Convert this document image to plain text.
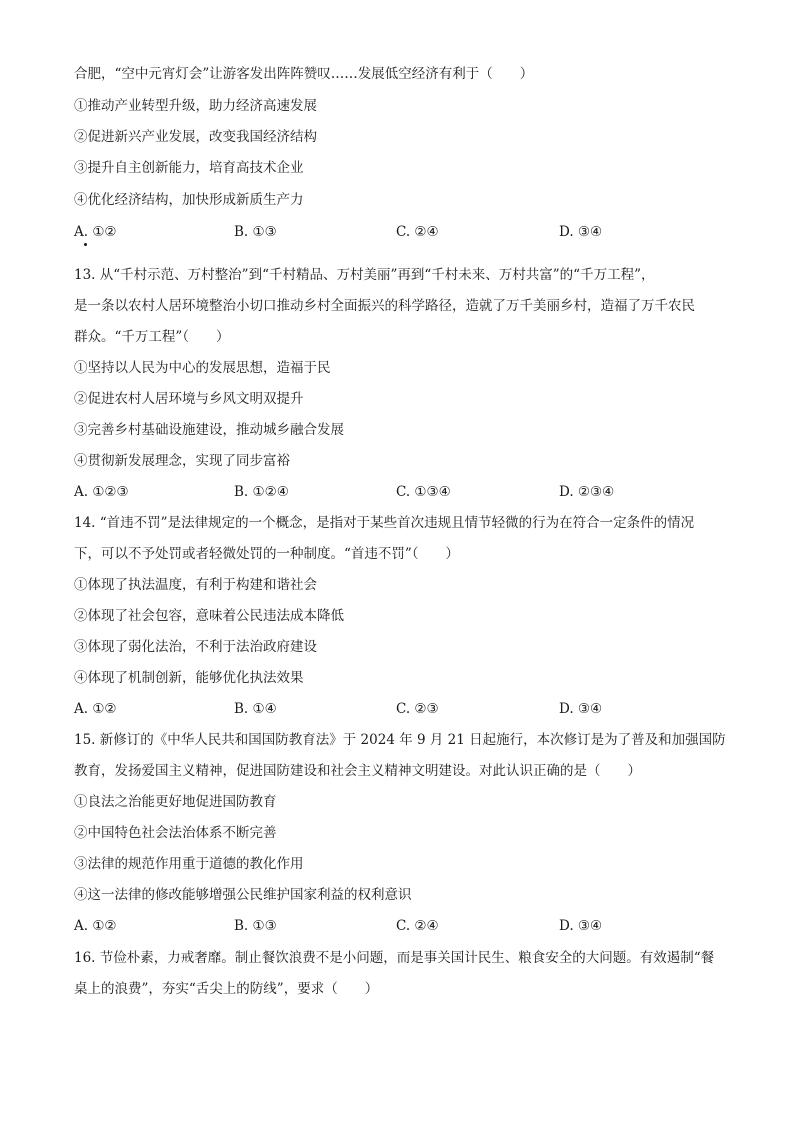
合肥，“空中元宵灯会”让游客发出阵阵赞叹……发展低空经济有利于（　　）
①推动产业转型升级，助力经济高速发展
②促进新兴产业发展，改变我国经济结构
③提升自主创新能力，培育高技术企业
④优化经济结构，加快形成新质生产力
A. ①②	B. ①③	C. ②④	D. ③④
13. 从“千村示范、万村整治”到“千村精品、万村美丽”再到“千村未来、万村共富”的“千万工程”，
是一条以农村人居环境整治小切口推动乡村全面振兴的科学路径，造就了万千美丽乡村，造福了万千农民
群众。“千万工程”（　　）
①坚持以人民为中心的发展思想，造福于民
②促进农村人居环境与乡风文明双提升
③完善乡村基础设施建设，推动城乡融合发展
④贯彻新发展理念，实现了同步富裕
A. ①②③	B. ①②④	C. ①③④	D. ②③④
14. “首违不罚”是法律规定的一个概念，是指对于某些首次违规且情节轻微的行为在符合一定条件的情况
下，可以不予处罚或者轻微处罚的一种制度。“首违不罚”（　　）
①体现了执法温度，有利于构建和谐社会
②体现了社会包容，意味着公民违法成本降低
③体现了弱化法治，不利于法治政府建设
④体现了机制创新，能够优化执法效果
A. ①②	B. ①④	C. ②③	D. ③④
15. 新修订的《中华人民共和国国防教育法》于 2024 年 9 月 21 日起施行，本次修订是为了普及和加强国防
教育，发扬爱国主义精神，促进国防建设和社会主义精神文明建设。对此认识正确的是（　　）
①良法之治能更好地促进国防教育
②中国特色社会法治体系不断完善
③法律的规范作用重于道德的教化作用
④这一法律的修改能够增强公民维护国家利益的权利意识
A. ①②	B. ①③	C. ②④	D. ③④
16. 节俭朴素，力戒奢靡。制止餐饮浪费不是小问题，而是事关国计民生、粮食安全的大问题。有效遏制“餐
桌上的浪费”，夯实“舌尖上的防线”，要求（　　）
